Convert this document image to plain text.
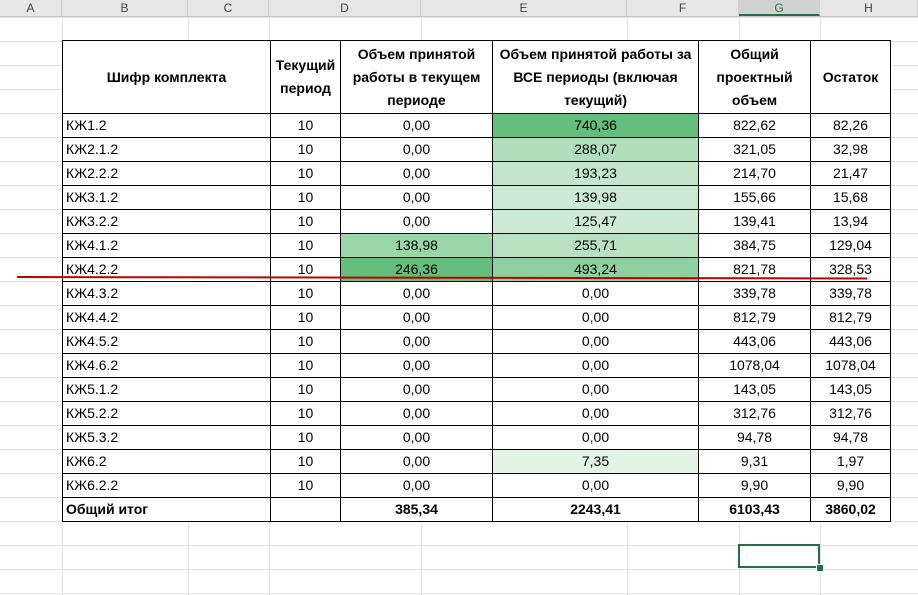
A	B	C	D	E	F	G	H
Шифр комплекта	Текущий период	Объем принятой работы в текущем периоде	Объем принятой работы за ВСЕ периоды (включая текущий)	Общий проектный объем	Остаток
КЖ1.2	10	0,00	740,36	822,62	82,26
КЖ2.1.2	10	0,00	288,07	321,05	32,98
КЖ2.2.2	10	0,00	193,23	214,70	21,47
КЖ3.1.2	10	0,00	139,98	155,66	15,68
КЖ3.2.2	10	0,00	125,47	139,41	13,94
КЖ4.1.2	10	138,98	255,71	384,75	129,04
КЖ4.2.2	10	246,36	493,24	821,78	328,53
КЖ4.3.2	10	0,00	0,00	339,78	339,78
КЖ4.4.2	10	0,00	0,00	812,79	812,79
КЖ4.5.2	10	0,00	0,00	443,06	443,06
КЖ4.6.2	10	0,00	0,00	1078,04	1078,04
КЖ5.1.2	10	0,00	0,00	143,05	143,05
КЖ5.2.2	10	0,00	0,00	312,76	312,76
КЖ5.3.2	10	0,00	0,00	94,78	94,78
КЖ6.2	10	0,00	7,35	9,31	1,97
КЖ6.2.2	10	0,00	0,00	9,90	9,90
Общий итог		385,34	2243,41	6103,43	3860,02
